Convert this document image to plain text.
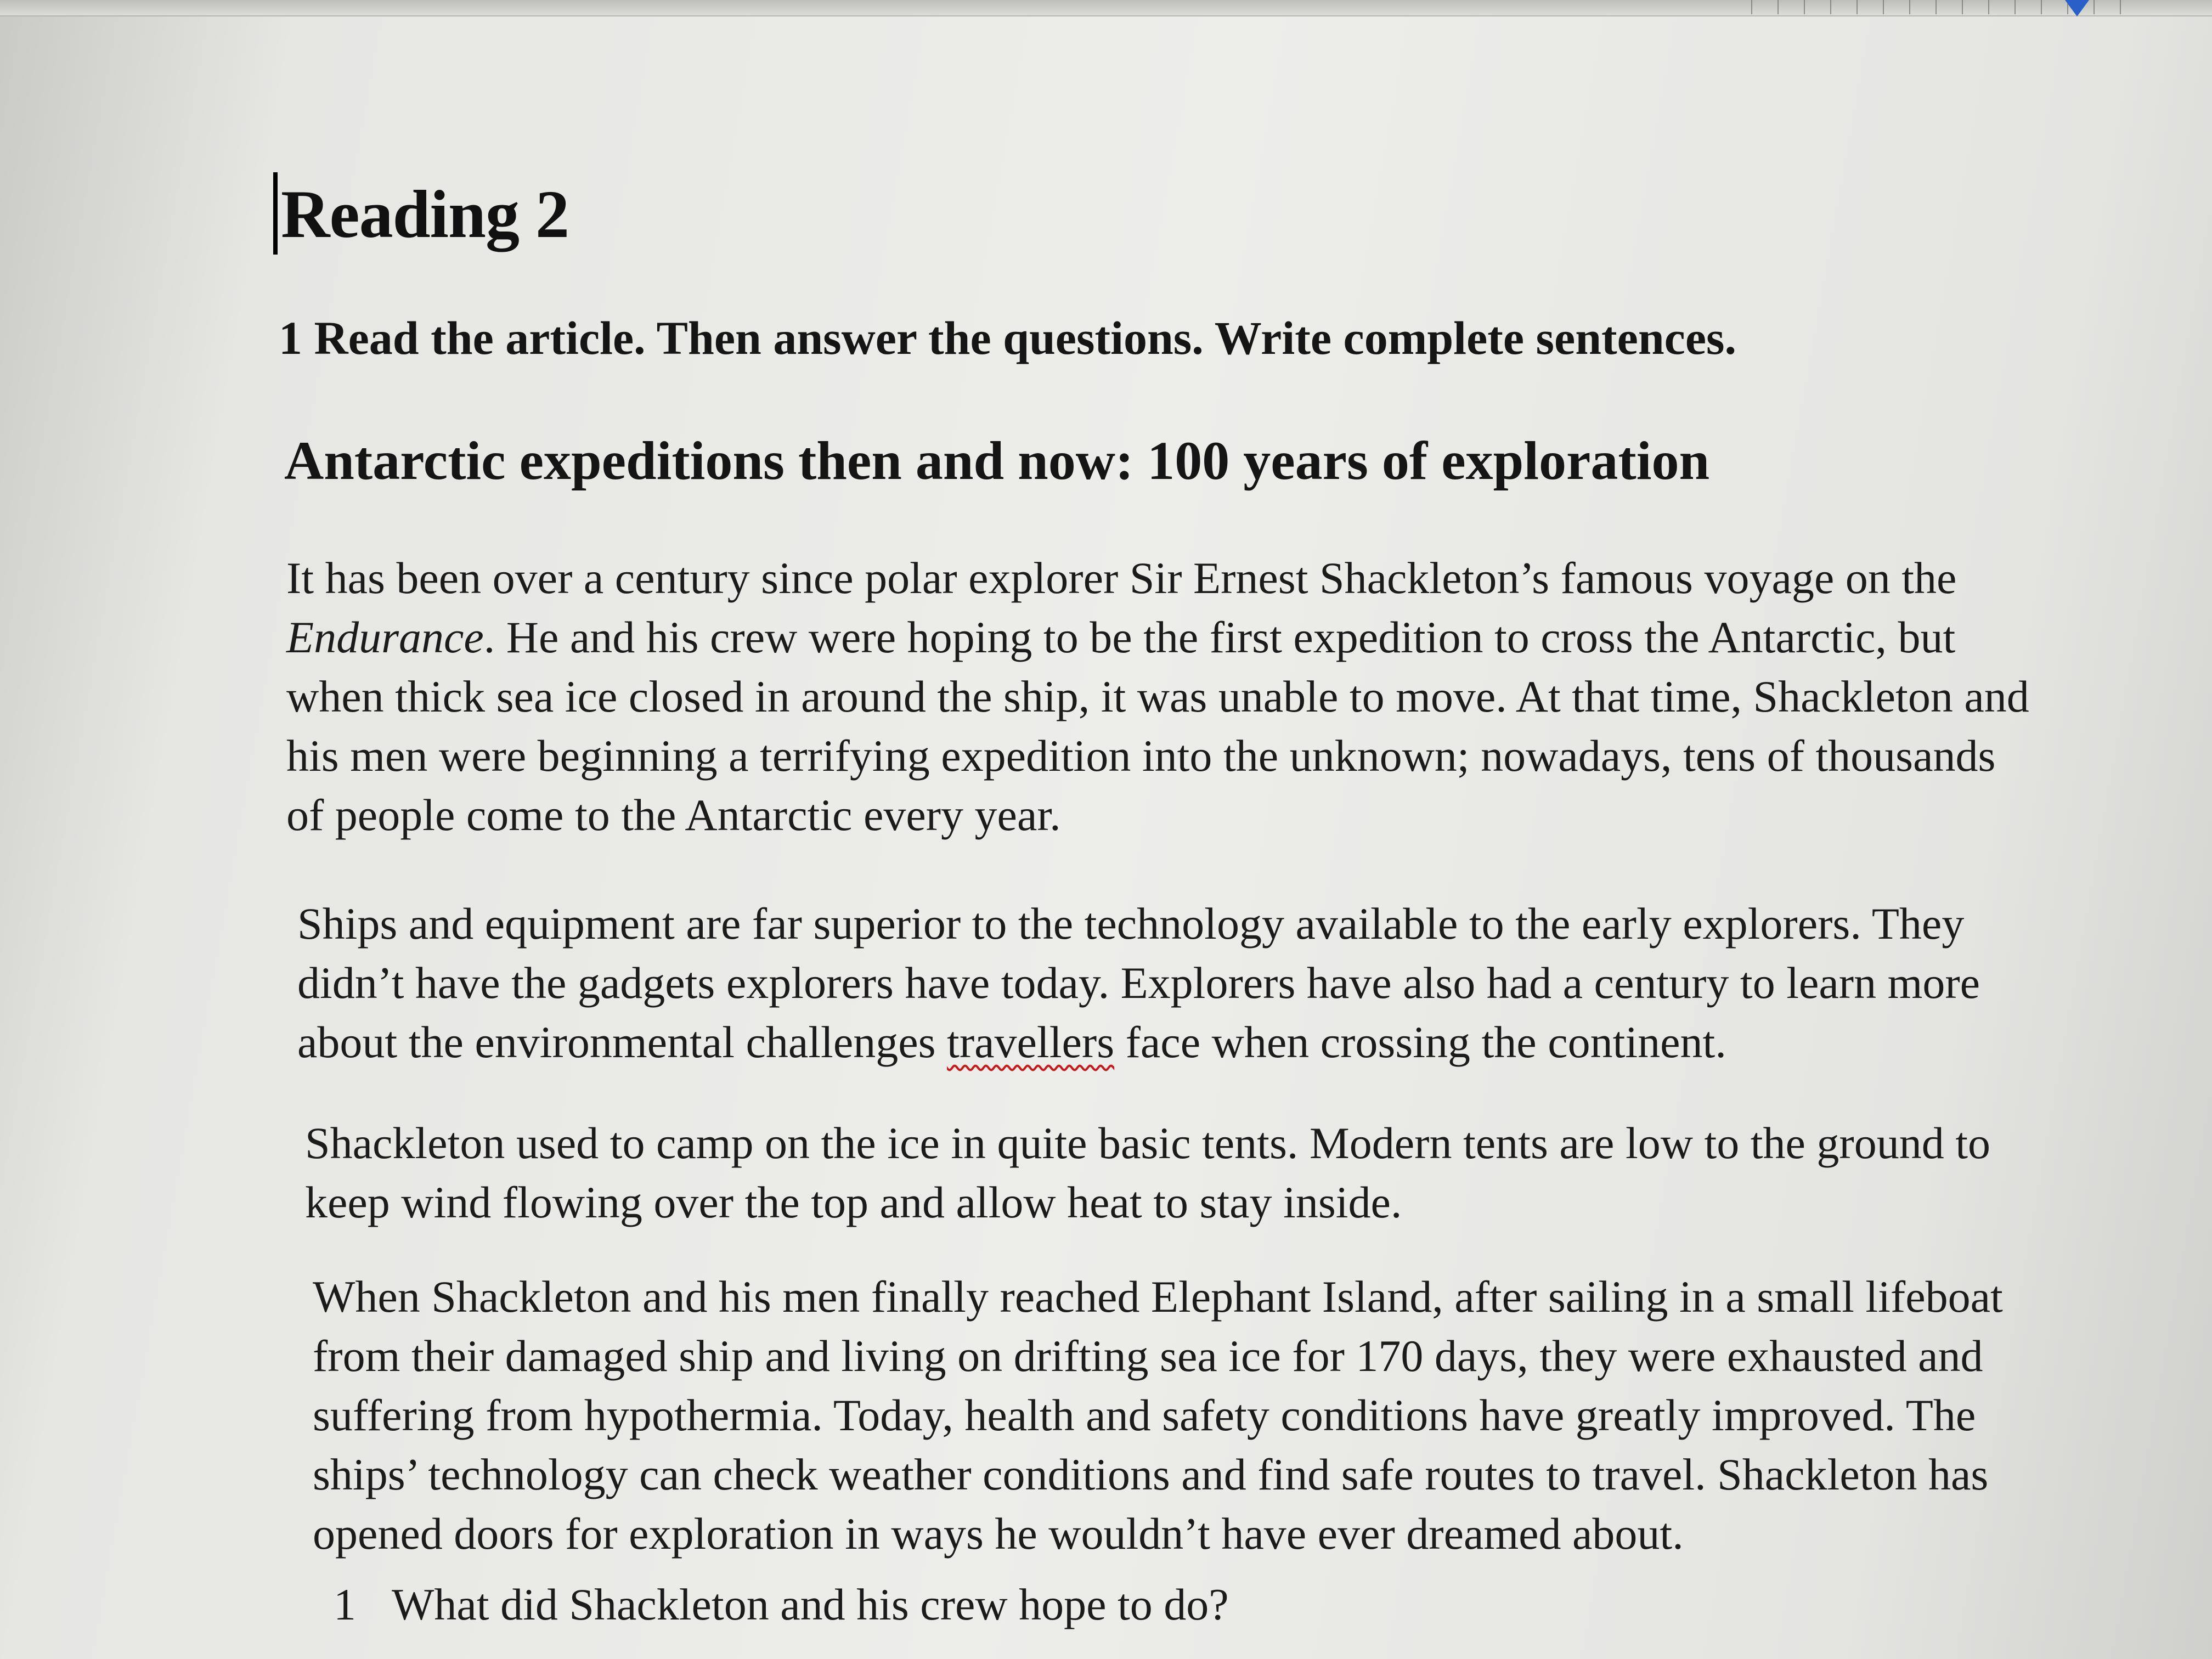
Reading 2

1 Read the article. Then answer the questions. Write complete sentences.

Antarctic expeditions then and now: 100 years of exploration

It has been over a century since polar explorer Sir Ernest Shackleton’s famous voyage on the
Endurance. He and his crew were hoping to be the first expedition to cross the Antarctic, but
when thick sea ice closed in around the ship, it was unable to move. At that time, Shackleton and
his men were beginning a terrifying expedition into the unknown; nowadays, tens of thousands
of people come to the Antarctic every year.

Ships and equipment are far superior to the technology available to the early explorers. They
didn’t have the gadgets explorers have today. Explorers have also had a century to learn more
about the environmental challenges travellers face when crossing the continent.

Shackleton used to camp on the ice in quite basic tents. Modern tents are low to the ground to
keep wind flowing over the top and allow heat to stay inside.

When Shackleton and his men finally reached Elephant Island, after sailing in a small lifeboat
from their damaged ship and living on drifting sea ice for 170 days, they were exhausted and
suffering from hypothermia. Today, health and safety conditions have greatly improved. The
ships’ technology can check weather conditions and find safe routes to travel. Shackleton has
opened doors for exploration in ways he wouldn’t have ever dreamed about.

1 What did Shackleton and his crew hope to do?
